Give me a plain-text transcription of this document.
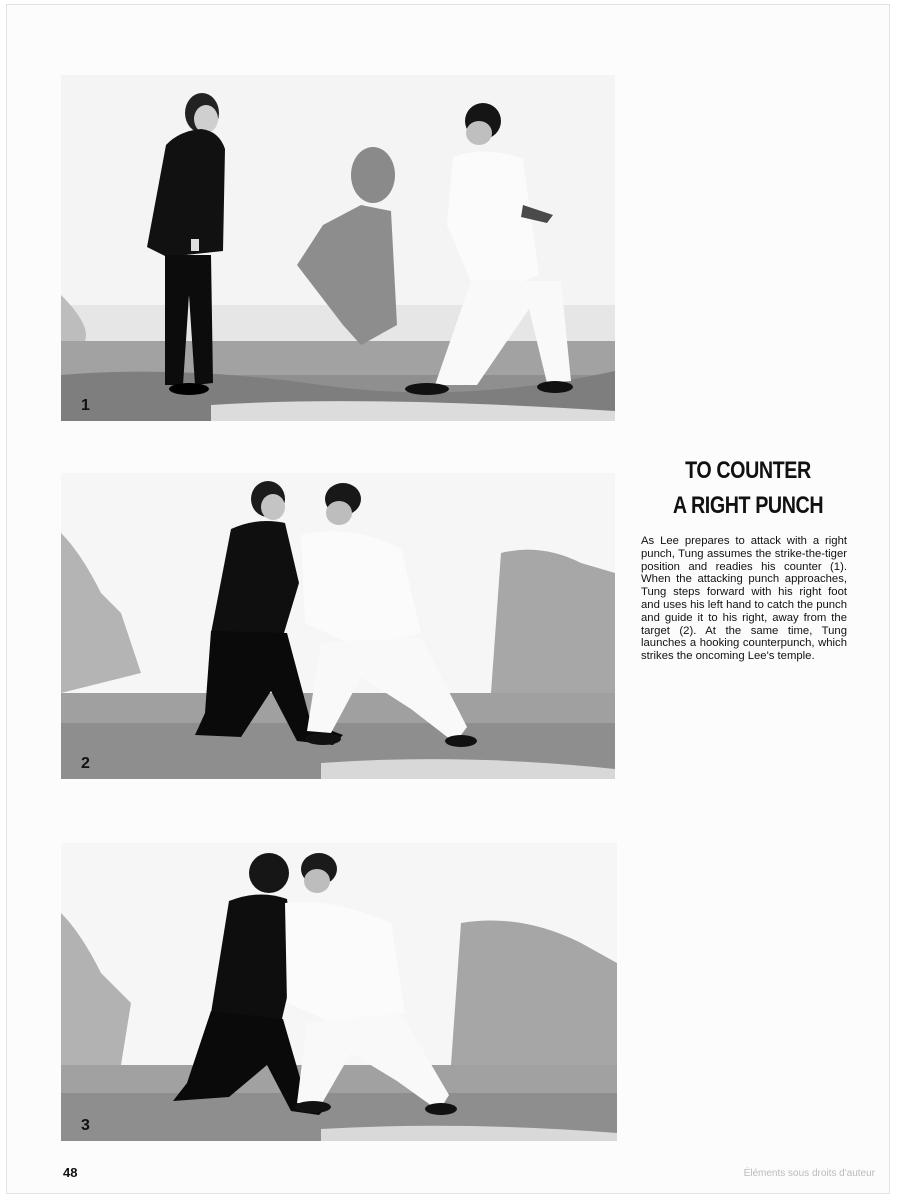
1
2
3
TO COUNTER
A RIGHT PUNCH
As Lee prepares to attack with a right punch, Tung assumes the strike-the-tiger position and readies his counter (1). When the attacking punch approaches, Tung steps forward with his right foot and uses his left hand to catch the punch and guide it to his right, away from the target (2). At the same time, Tung launches a hooking counterpunch, which strikes the oncoming Lee's temple.
48	Éléments sous droits d'auteur
